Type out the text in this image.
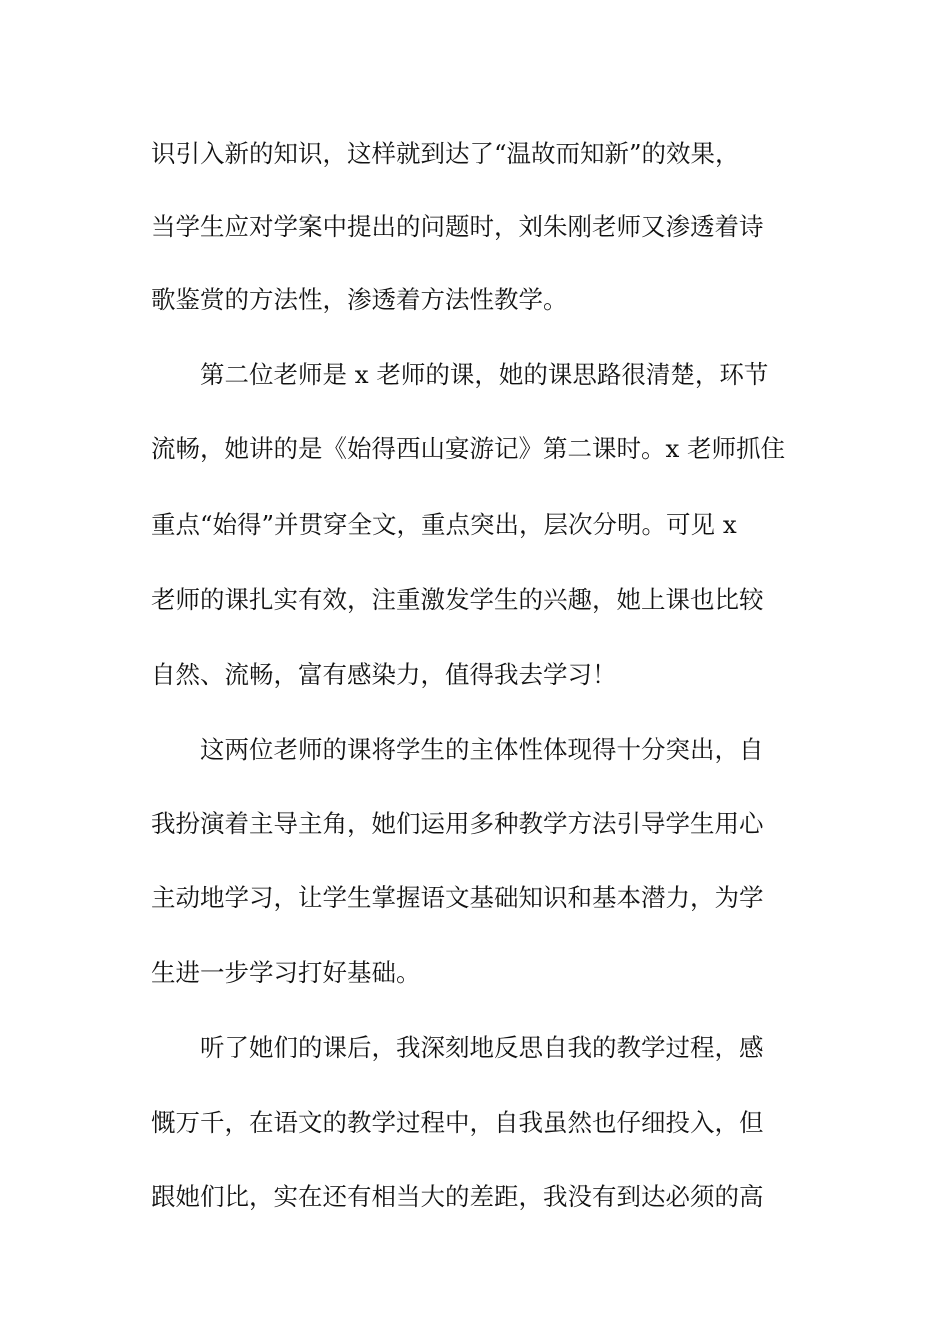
识引入新的知识，这样就到达了“温故而知新”的效果，
当学生应对学案中提出的问题时，刘朱刚老师又渗透着诗
歌鉴赏的方法性，渗透着方法性教学。
第二位老师是 x 老师的课，她的课思路很清楚，环节
流畅，她讲的是《始得西山宴游记》第二课时。x 老师抓住
重点“始得”并贯穿全文，重点突出，层次分明。可见 x
老师的课扎实有效，注重激发学生的兴趣，她上课也比较
自然、流畅，富有感染力，值得我去学习！
这两位老师的课将学生的主体性体现得十分突出，自
我扮演着主导主角，她们运用多种教学方法引导学生用心
主动地学习，让学生掌握语文基础知识和基本潜力，为学
生进一步学习打好基础。
听了她们的课后，我深刻地反思自我的教学过程，感
慨万千，在语文的教学过程中，自我虽然也仔细投入，但
跟她们比，实在还有相当大的差距，我没有到达必须的高
